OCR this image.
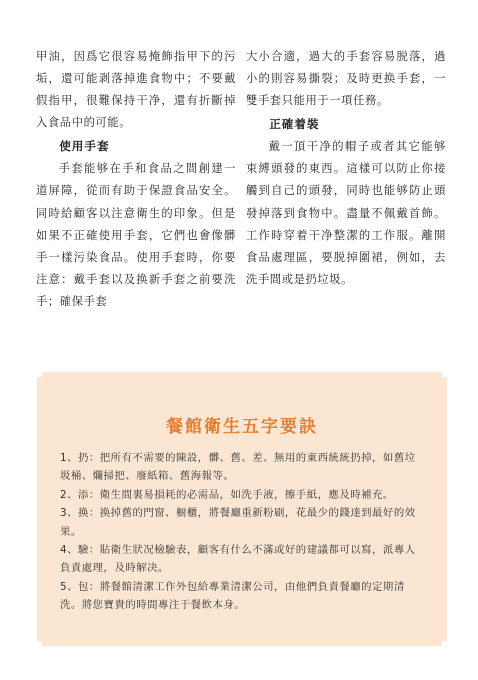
甲油，因爲它很容易掩飾指甲下的污垢，還可能剥落掉進食物中；不要戴假指甲，很難保持干净，還有折斷掉入食品中的可能。

使用手套

手套能够在手和食品之間創建一道屏障，從而有助于保證食品安全。同時給顧客以注意衛生的印象。但是如果不正確使用手套，它們也會像髒手一樣污染食品。使用手套時，你要注意：戴手套以及换新手套之前要洗手；確保手套

大小合適，過大的手套容易脱落，過小的則容易撕裂；及時更换手套，一雙手套只能用于一項任務。

正確着裝

戴一頂干净的帽子或者其它能够束縛頭發的東西。這樣可以防止你接觸到自己的頭發，同時也能够防止頭發掉落到食物中。盡量不佩戴首飾。工作時穿着干净整潔的工作服。離開食品處理區，要脱掉圍裙，例如，去洗手間或是扔垃圾。

餐館衛生五字要訣
1、扔：把所有不需要的陳設，髒、舊、差、無用的東西統統扔掉，如舊垃圾桶、爛掃把、廢紙箱、舊海報等。
2、添：衛生間裏易損耗的必需品，如洗手液，擦手紙，應及時補充。
3、换：换掉舊的門窗、橱櫃，將餐廳重新粉刷，花最少的錢達到最好的效果。
4、驗：貼衛生狀况檢驗表，顧客有什么不滿或好的建議都可以寫，派專人負責處理，及時解决。
5、包：將餐館清潔工作外包給專業清潔公司，由他們負責餐廳的定期清洗。將您寶貴的時間專注于餐飲本身。
